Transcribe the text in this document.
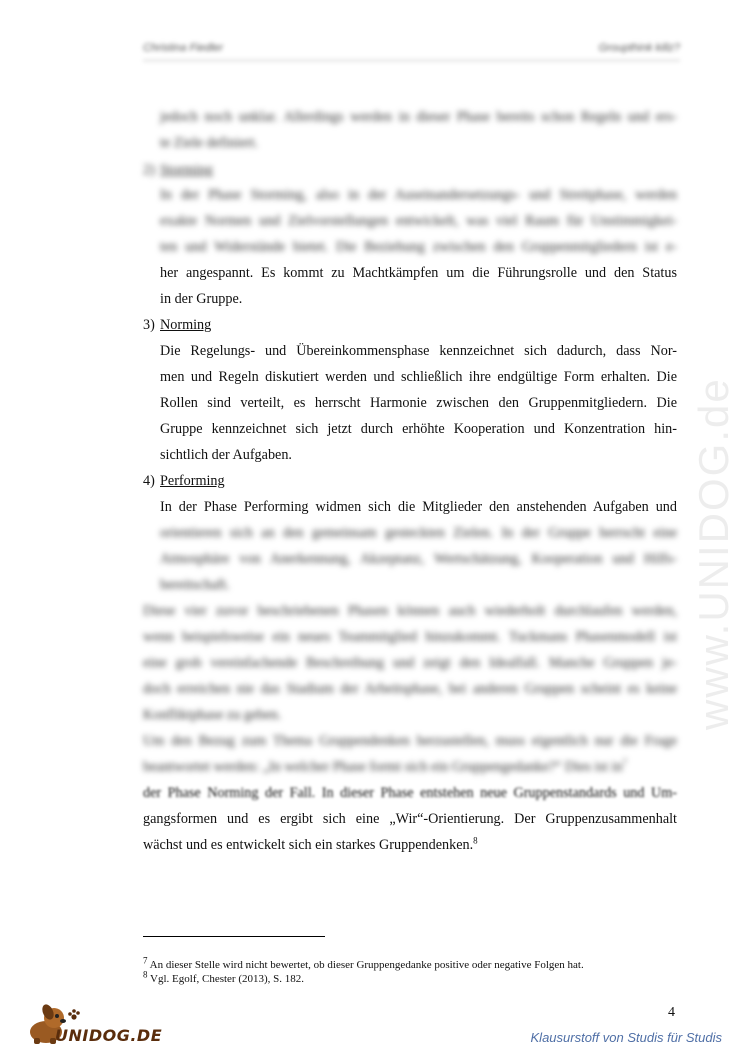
Christina Fiedler	Groupthink killz?
www.UNIDOG.de
jedoch noch unklar. Allerdings werden in dieser Phase bereits schon Regeln und ers-
te Ziele definiert.
2) Storming
In der Phase Storming, also in der Auseinandersetzungs- und Streitphase, werden
exakte Normen und Zielvorstellungen entwickelt, was viel Raum für Unstimmigkei-
ten und Widerstände bietet. Die Beziehung zwischen den Gruppenmitgliedern ist e-
her angespannt. Es kommt zu Machtkämpfen um die Führungsrolle und den Status
in der Gruppe.
3) Norming
Die Regelungs- und Übereinkommensphase kennzeichnet sich dadurch, dass Nor-
men und Regeln diskutiert werden und schließlich ihre endgültige Form erhalten. Die
Rollen sind verteilt, es herrscht Harmonie zwischen den Gruppenmitgliedern. Die
Gruppe kennzeichnet sich jetzt durch erhöhte Kooperation und Konzentration hin-
sichtlich der Aufgaben.
4) Performing
In der Phase Performing widmen sich die Mitglieder den anstehenden Aufgaben und
orientieren sich an den gemeinsam gesteckten Zielen. In der Gruppe herrscht eine
Atmosphäre von Anerkennung, Akzeptanz, Wertschätzung, Kooperation und Hilfs-
bereitschaft.
Diese vier zuvor beschriebenen Phasen können auch wiederholt durchlaufen werden,
wenn beispielsweise ein neues Teammitglied hinzukommt. Tuckmans Phasenmodell ist
eine grob vereinfachende Beschreibung und zeigt den Idealfall. Manche Gruppen je-
doch erreichen nie das Stadium der Arbeitsphase, bei anderen Gruppen scheint es keine
Konfliktphase zu geben.
Um den Bezug zum Thema Gruppendenken herzustellen, muss eigentlich nur die Frage
beantwortet werden: „In welcher Phase formt sich ein Gruppengedanke?“ Dies ist $in^7$
der Phase Norming der Fall. In dieser Phase entstehen neue Gruppenstandards und Um-
gangsformen und es ergibt sich eine „Wir“-Orientierung. Der Gruppenzusammenhalt
wächst und es entwickelt sich ein starkes Gruppendenken.$^8$
$^7$ An dieser Stelle wird nicht bewertet, ob dieser Gruppengedanke positive oder negative Folgen hat.
$^8$ Vgl. Egolf, Chester (2013), S. 182.
4
UNIDOG.DE	Klausurstoff von Studis für Studis
